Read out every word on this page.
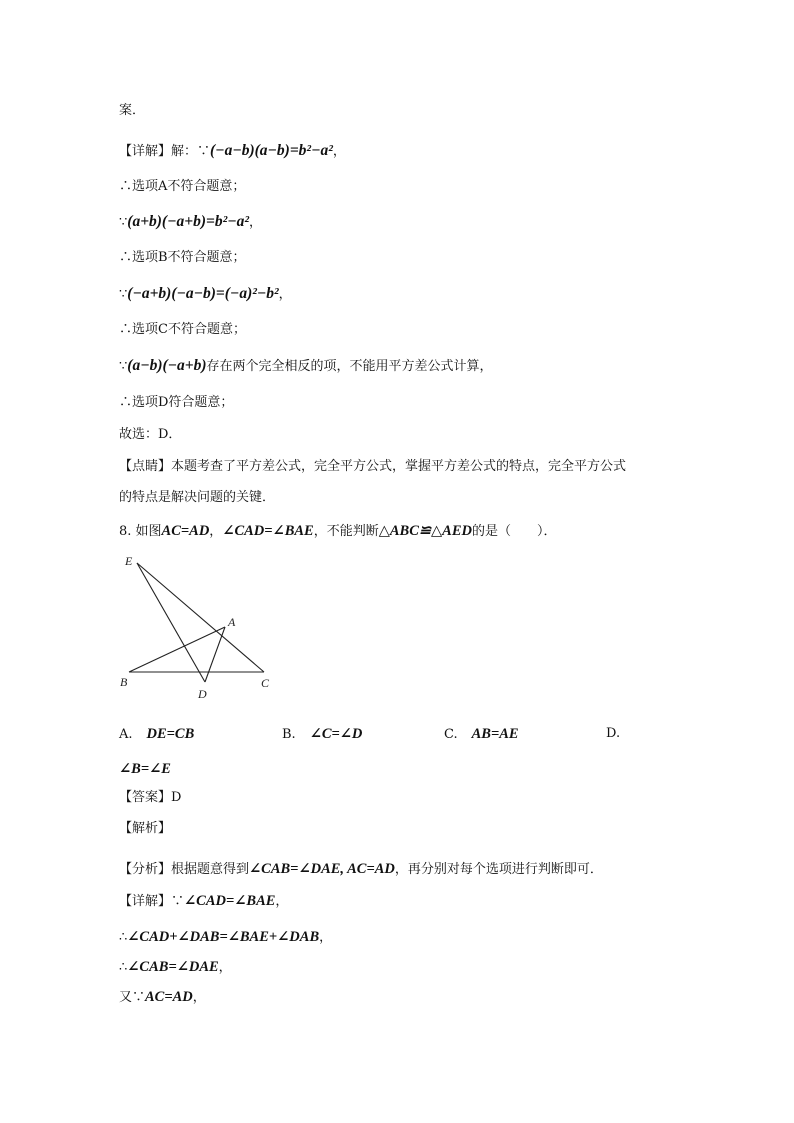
案．
【详解】解：∵(−a−b)(a−b)=b²−a²，
∴选项A不符合题意；
∵(a+b)(−a+b)=b²−a²，
∴选项B不符合题意；
∵(−a+b)(−a−b)=(−a)²−b²，
∴选项C不符合题意；
∵(a−b)(−a+b)存在两个完全相反的项，不能用平方差公式计算，
∴选项D符合题意；
故选：D．
【点睛】本题考查了平方差公式，完全平方公式，掌握平方差公式的特点，完全平方公式
的特点是解决问题的关键．
8. 如图AC=AD，∠CAD=∠BAE，不能判断△ABC≌△AED的是（　　）．
E
A
B
D
C
A. DE=CB	B. ∠C=∠D	C. AB=AE	D.
∠B=∠E
【答案】D
【解析】
【分析】根据题意得到∠CAB=∠DAE, AC=AD，再分别对每个选项进行判断即可．
【详解】∵∠CAD=∠BAE，
∴∠CAD+∠DAB=∠BAE+∠DAB，
∴∠CAB=∠DAE，
又∵AC=AD，
